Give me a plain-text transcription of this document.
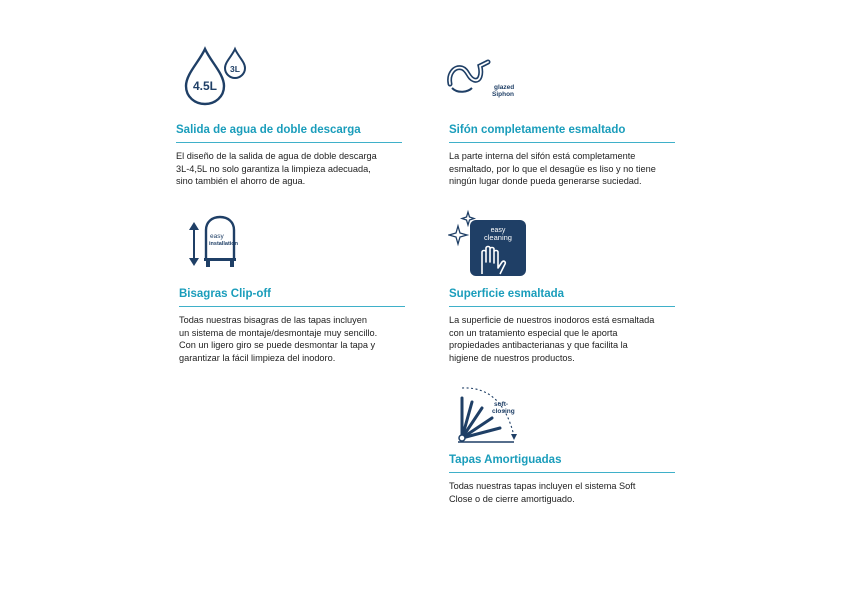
4.5L
3L
Salida de agua de doble descarga
El diseño de la salida de agua de doble descarga
3L-4,5L no solo garantiza la limpieza adecuada,
sino también el ahorro de agua.
glazed
Siphon
Sifón completamente esmaltado
La parte interna del sifón está completamente
esmaltado, por lo que el desagüe es liso y no tiene
ningún lugar donde pueda generarse suciedad.
easy
installation
Bisagras Clip-off
Todas nuestras bisagras de las tapas incluyen
un sistema de montaje/desmontaje muy sencillo.
Con un ligero giro se puede desmontar la tapa y
garantizar la fácil limpieza del inodoro.
easy
cleaning
Superficie esmaltada
La superficie de nuestros inodoros está esmaltada
con un tratamiento especial que le aporta
propiedades antibacterianas y que facilita la
higiene de nuestros productos.
soft-
closing
Tapas Amortiguadas
Todas nuestras tapas incluyen el sistema Soft
Close o de cierre amortiguado.
